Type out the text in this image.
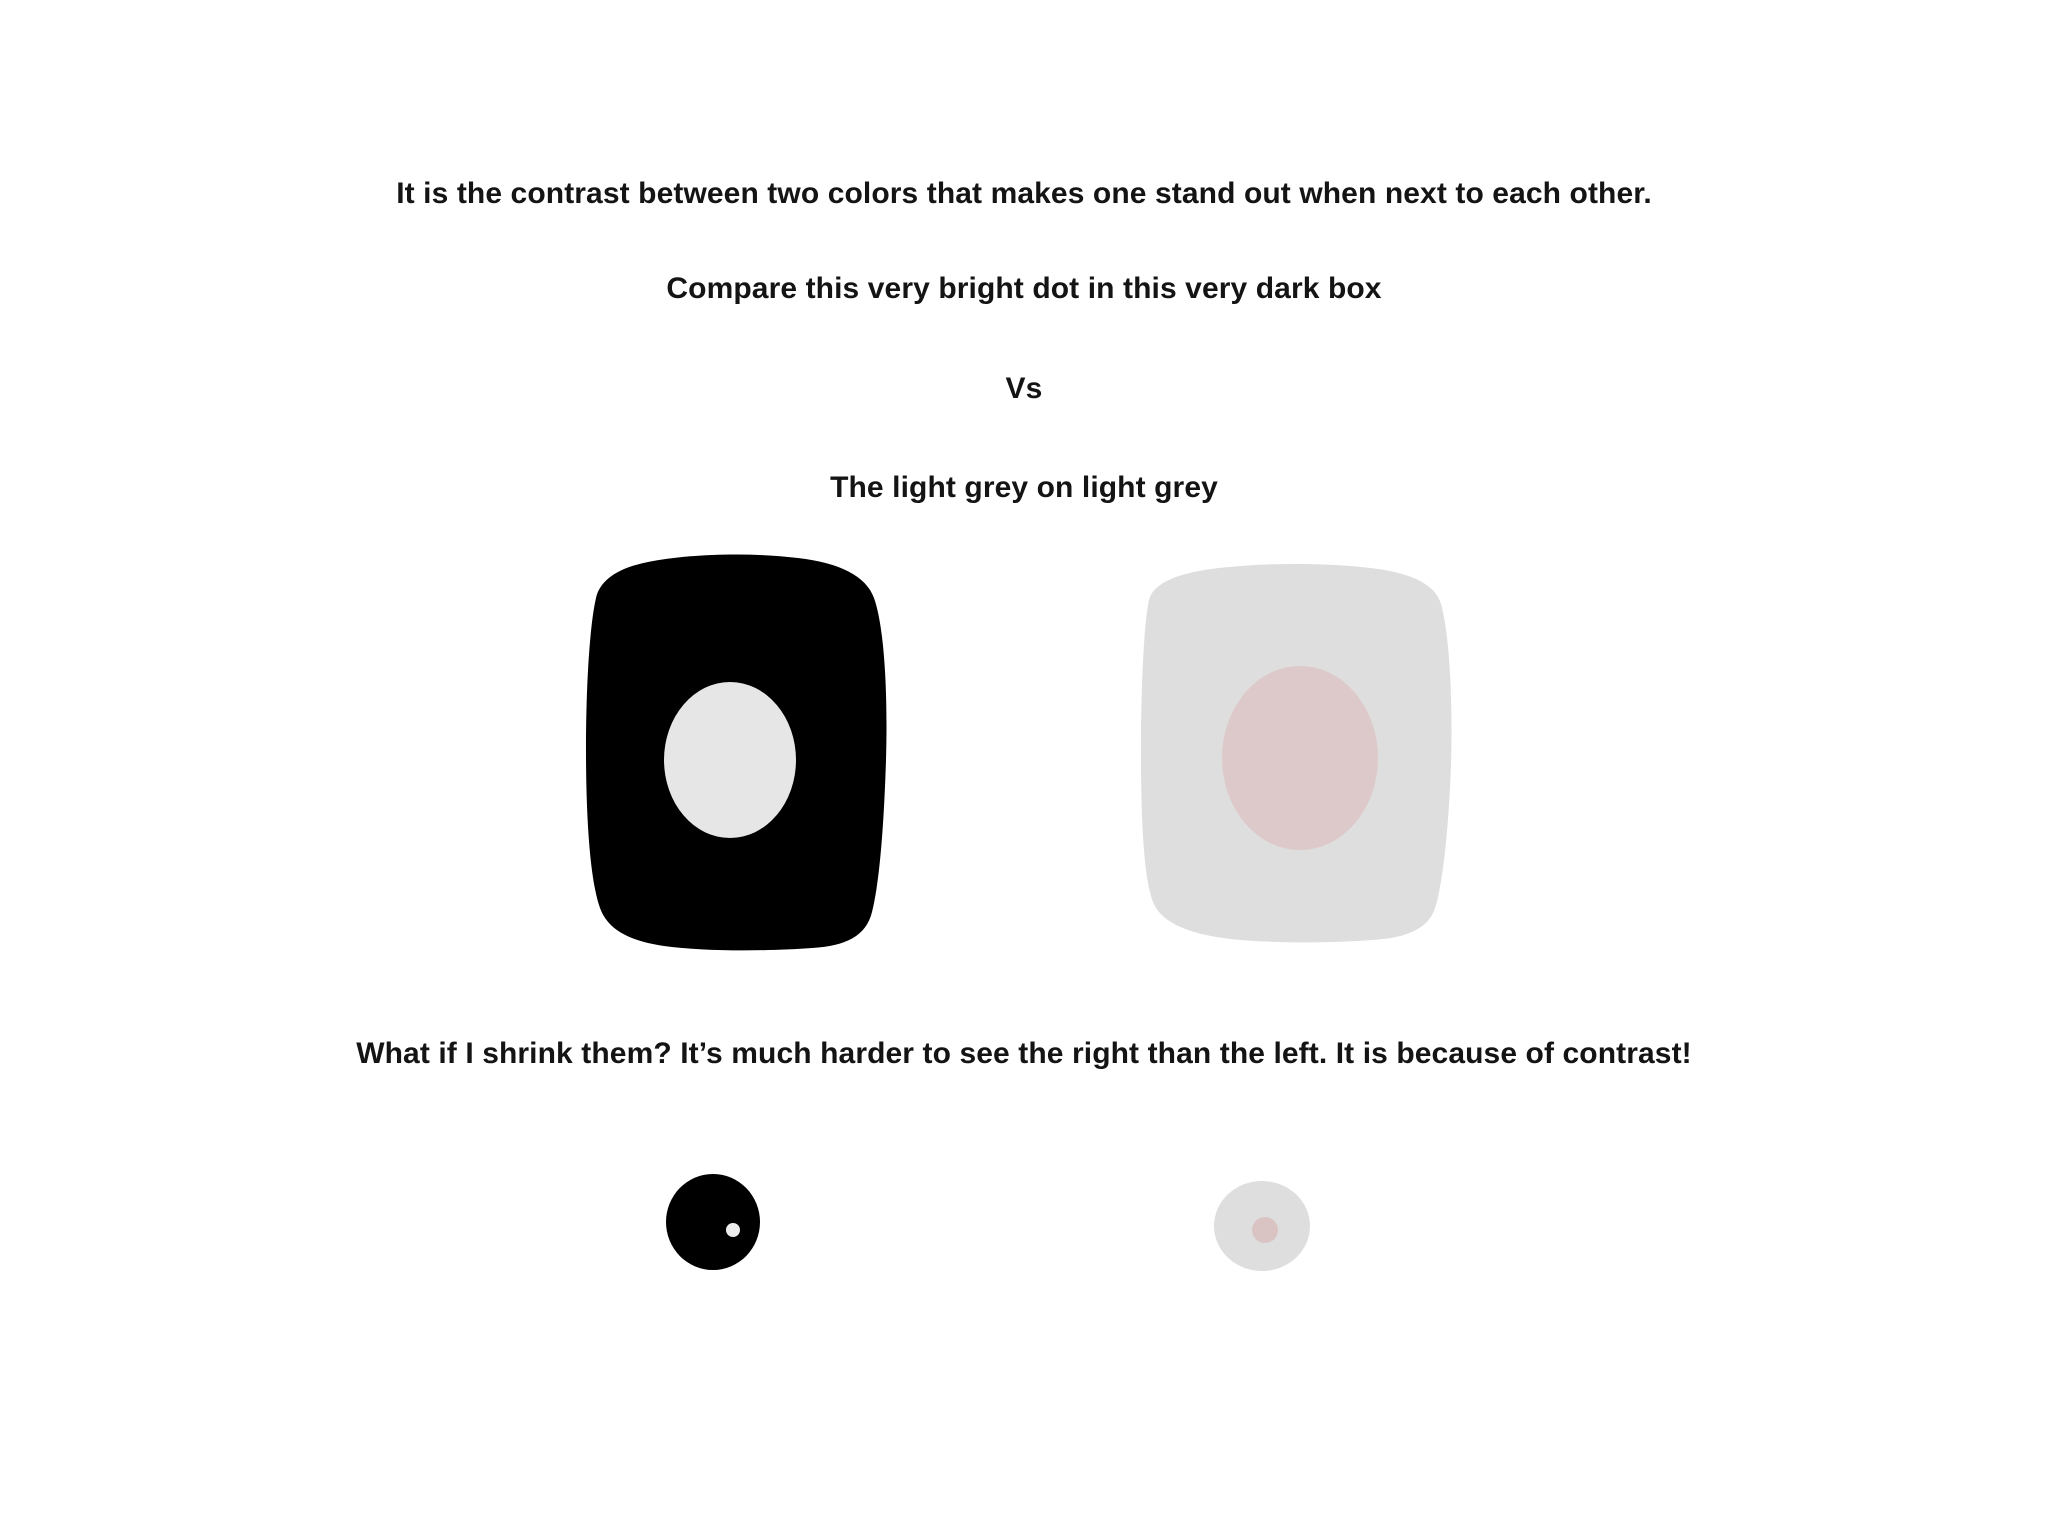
It is the contrast between two colors that makes one stand out when next to each other.
Compare this very bright dot in this very dark box
Vs
The light grey on light grey
What if I shrink them? It’s much harder to see the right than the left. It is because of contrast!
